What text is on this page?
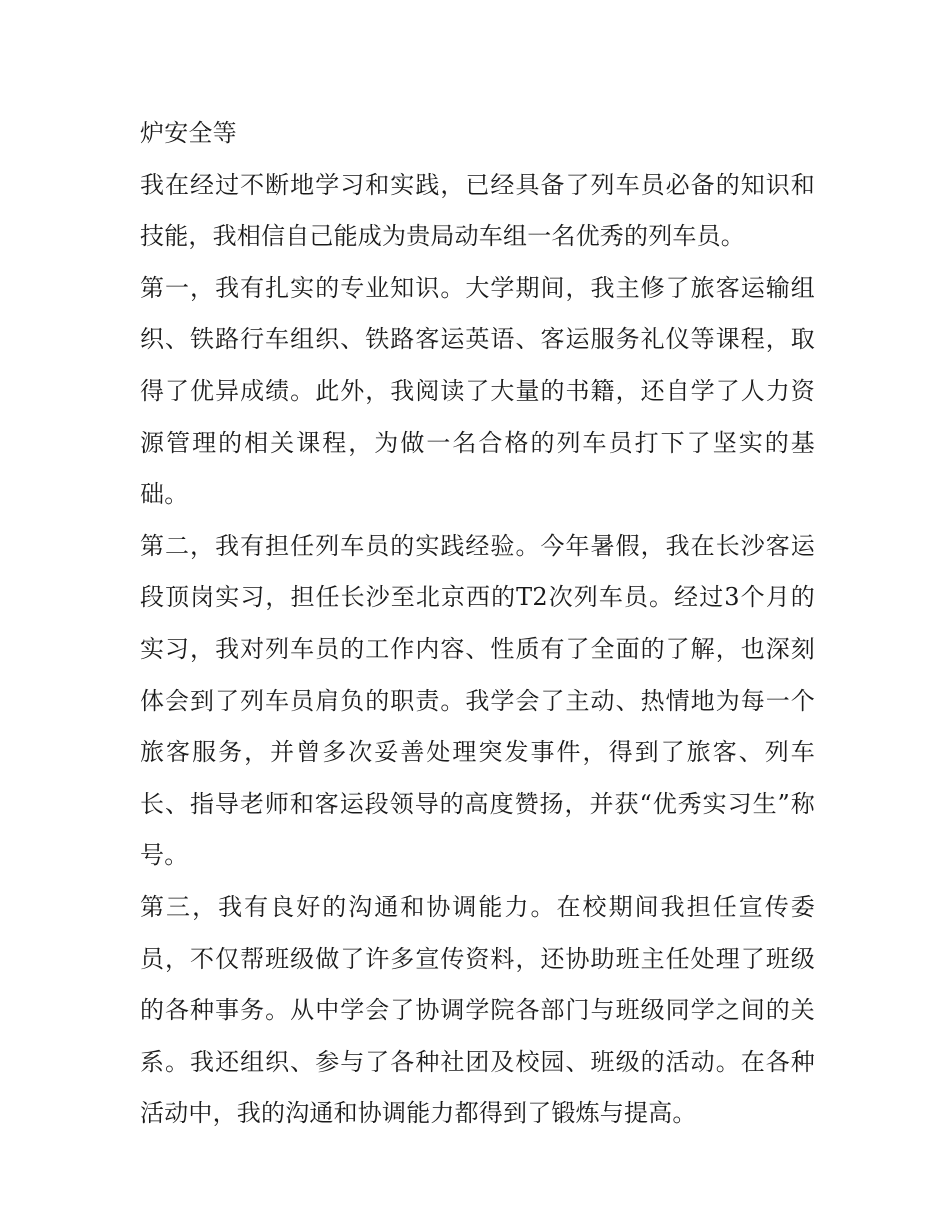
炉安全等

我在经过不断地学习和实践，已经具备了列车员必备的知识和技能，我相信自己能成为贵局动车组一名优秀的列车员。

第一，我有扎实的专业知识。大学期间，我主修了旅客运输组织、铁路行车组织、铁路客运英语、客运服务礼仪等课程，取得了优异成绩。此外，我阅读了大量的书籍，还自学了人力资源管理的相关课程，为做一名合格的列车员打下了坚实的基础。

第二，我有担任列车员的实践经验。今年暑假，我在长沙客运段顶岗实习，担任长沙至北京西的T2次列车员。经过3个月的实习，我对列车员的工作内容、性质有了全面的了解，也深刻体会到了列车员肩负的职责。我学会了主动、热情地为每一个旅客服务，并曾多次妥善处理突发事件，得到了旅客、列车长、指导老师和客运段领导的高度赞扬，并获“优秀实习生”称号。

第三，我有良好的沟通和协调能力。在校期间我担任宣传委员，不仅帮班级做了许多宣传资料，还协助班主任处理了班级的各种事务。从中学会了协调学院各部门与班级同学之间的关系。我还组织、参与了各种社团及校园、班级的活动。在各种活动中，我的沟通和协调能力都得到了锻炼与提高。
